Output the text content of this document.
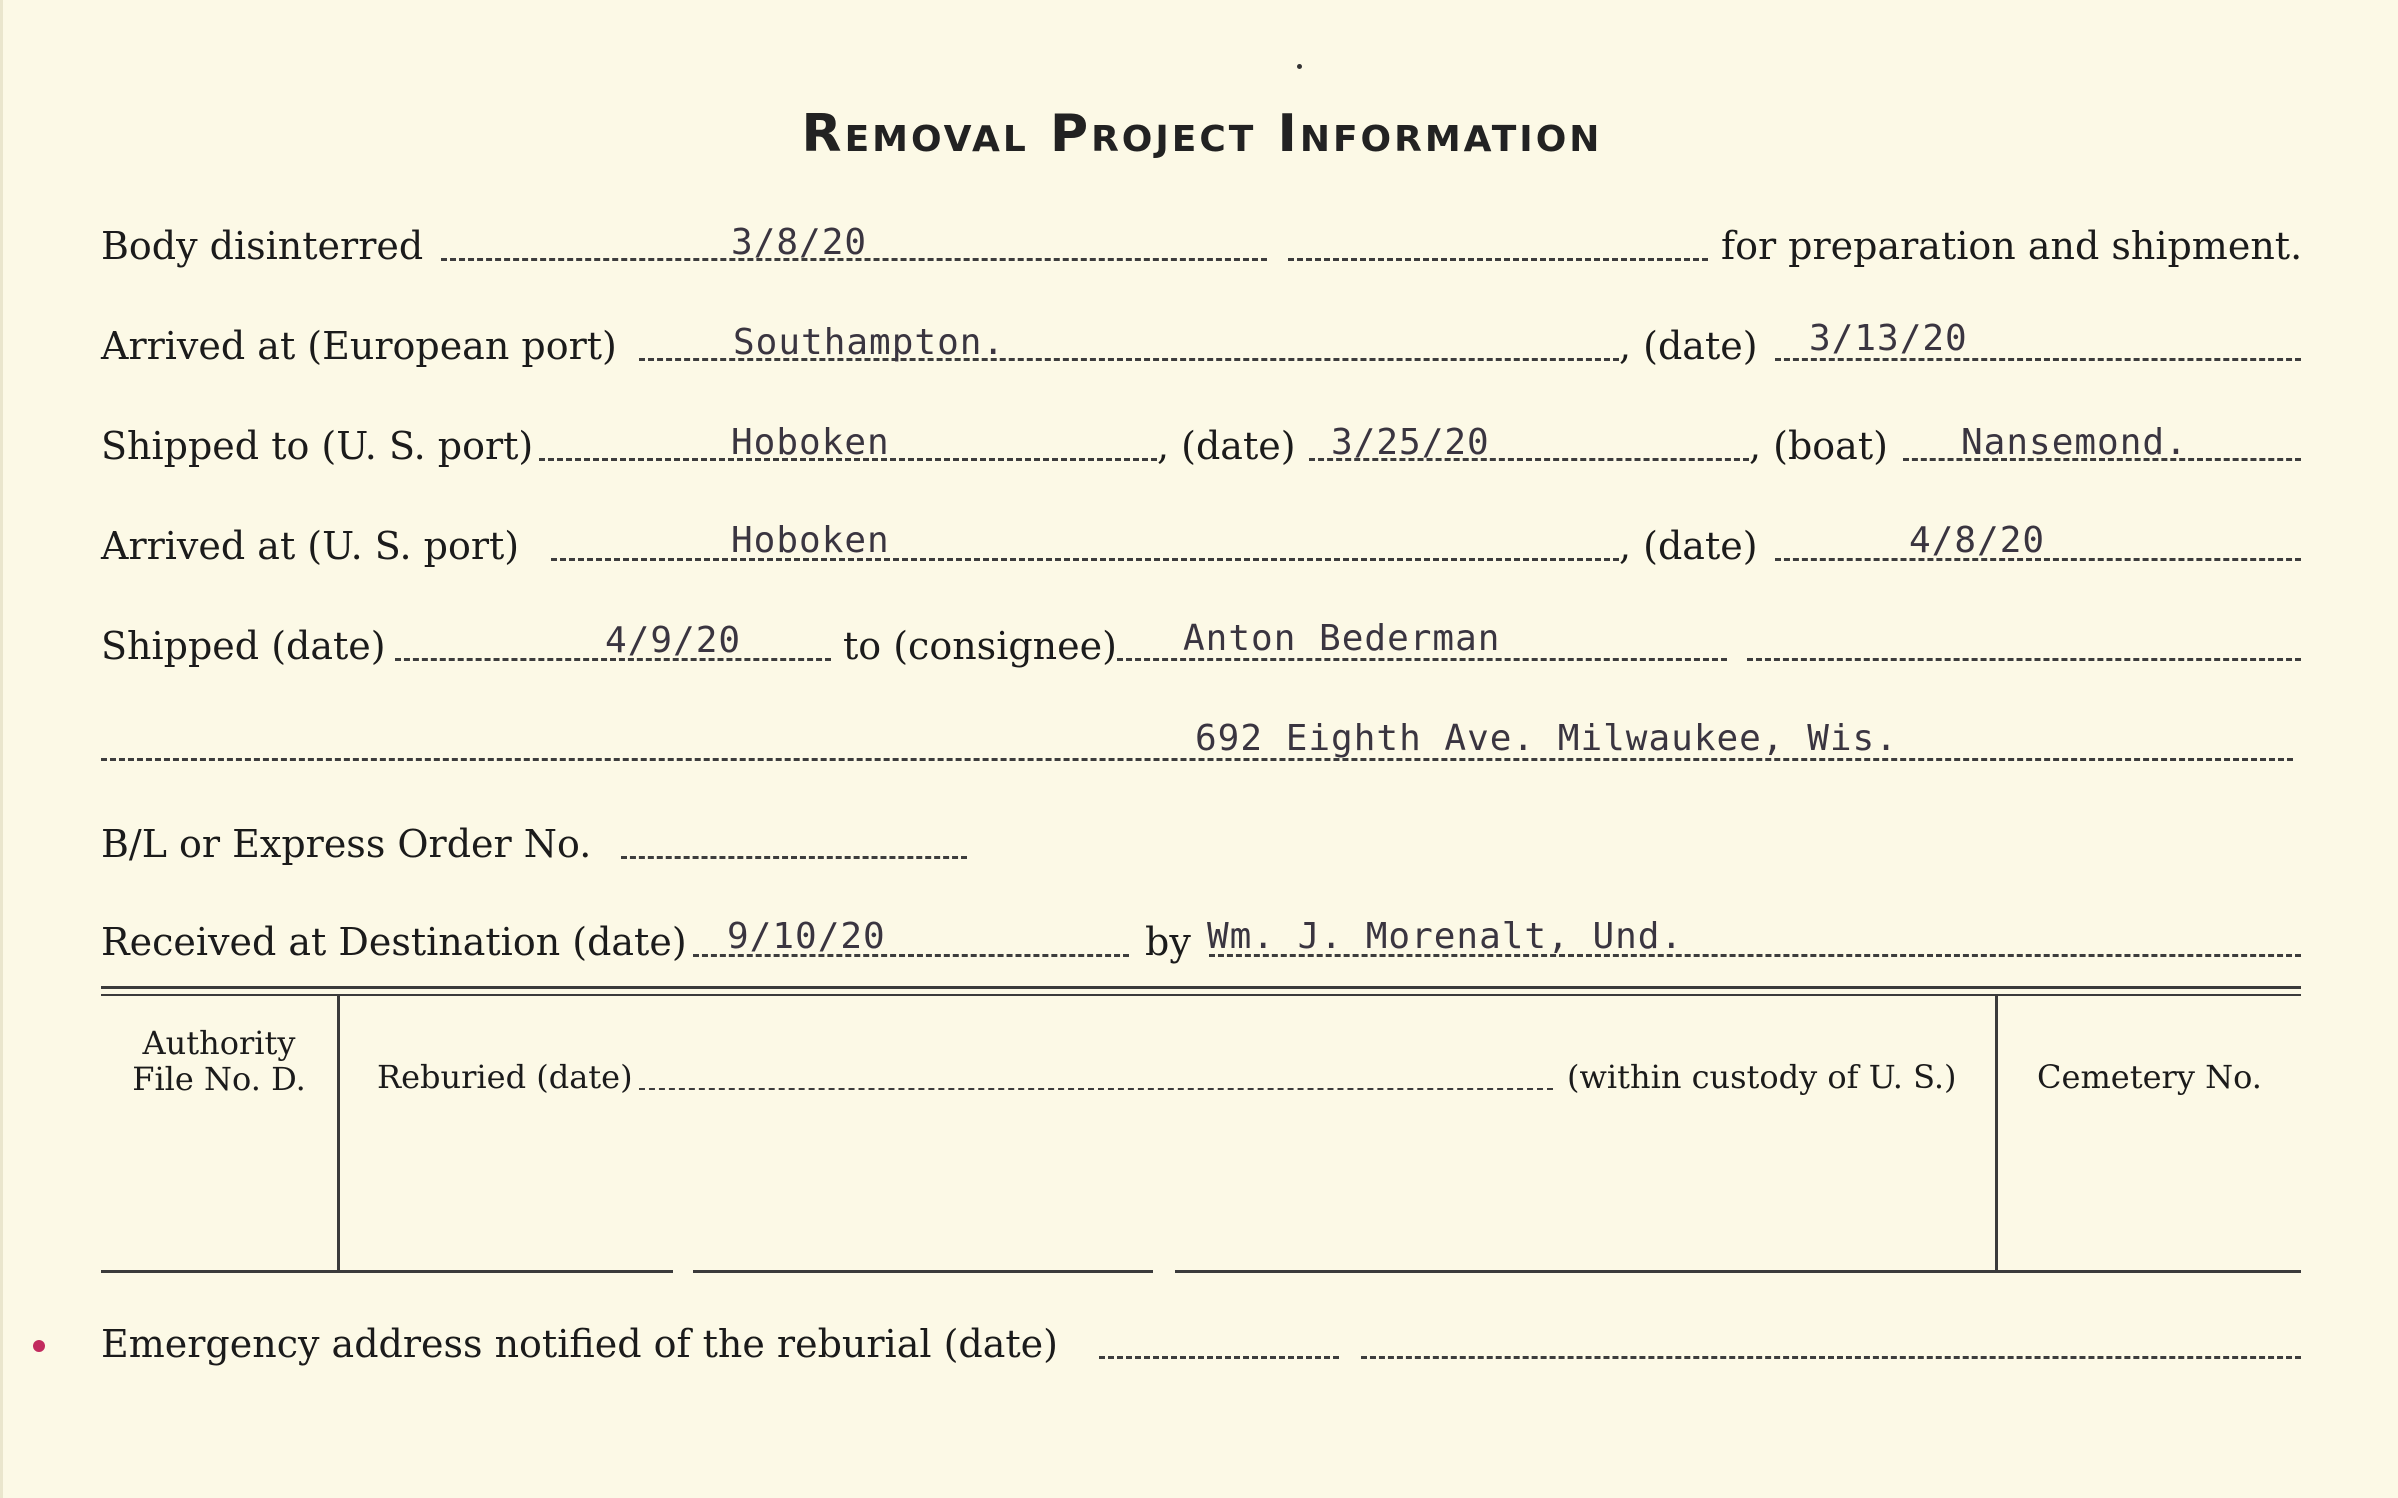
Removal Project Information
Body disinterred	3/8/20	for preparation and shipment.
Arrived at (European port)	Southampton.	, (date) 3/13/20
Shipped to (U. S. port)	Hoboken	, (date) 3/25/20	, (boat) Nansemond.
Arrived at (U. S. port)	Hoboken	, (date)	4/8/20
Shipped (date)	4/9/20	to (consignee) Anton Bederman
692 Eighth Ave. Milwaukee, Wis.
B/L or Express Order No.
Received at Destination (date) 9/10/20	by Wm. J. Morenalt, Und.
Authority
File No. D.	Reburied (date)	(within custody of U. S.)	Cemetery No.
Emergency address notified of the reburial (date)
